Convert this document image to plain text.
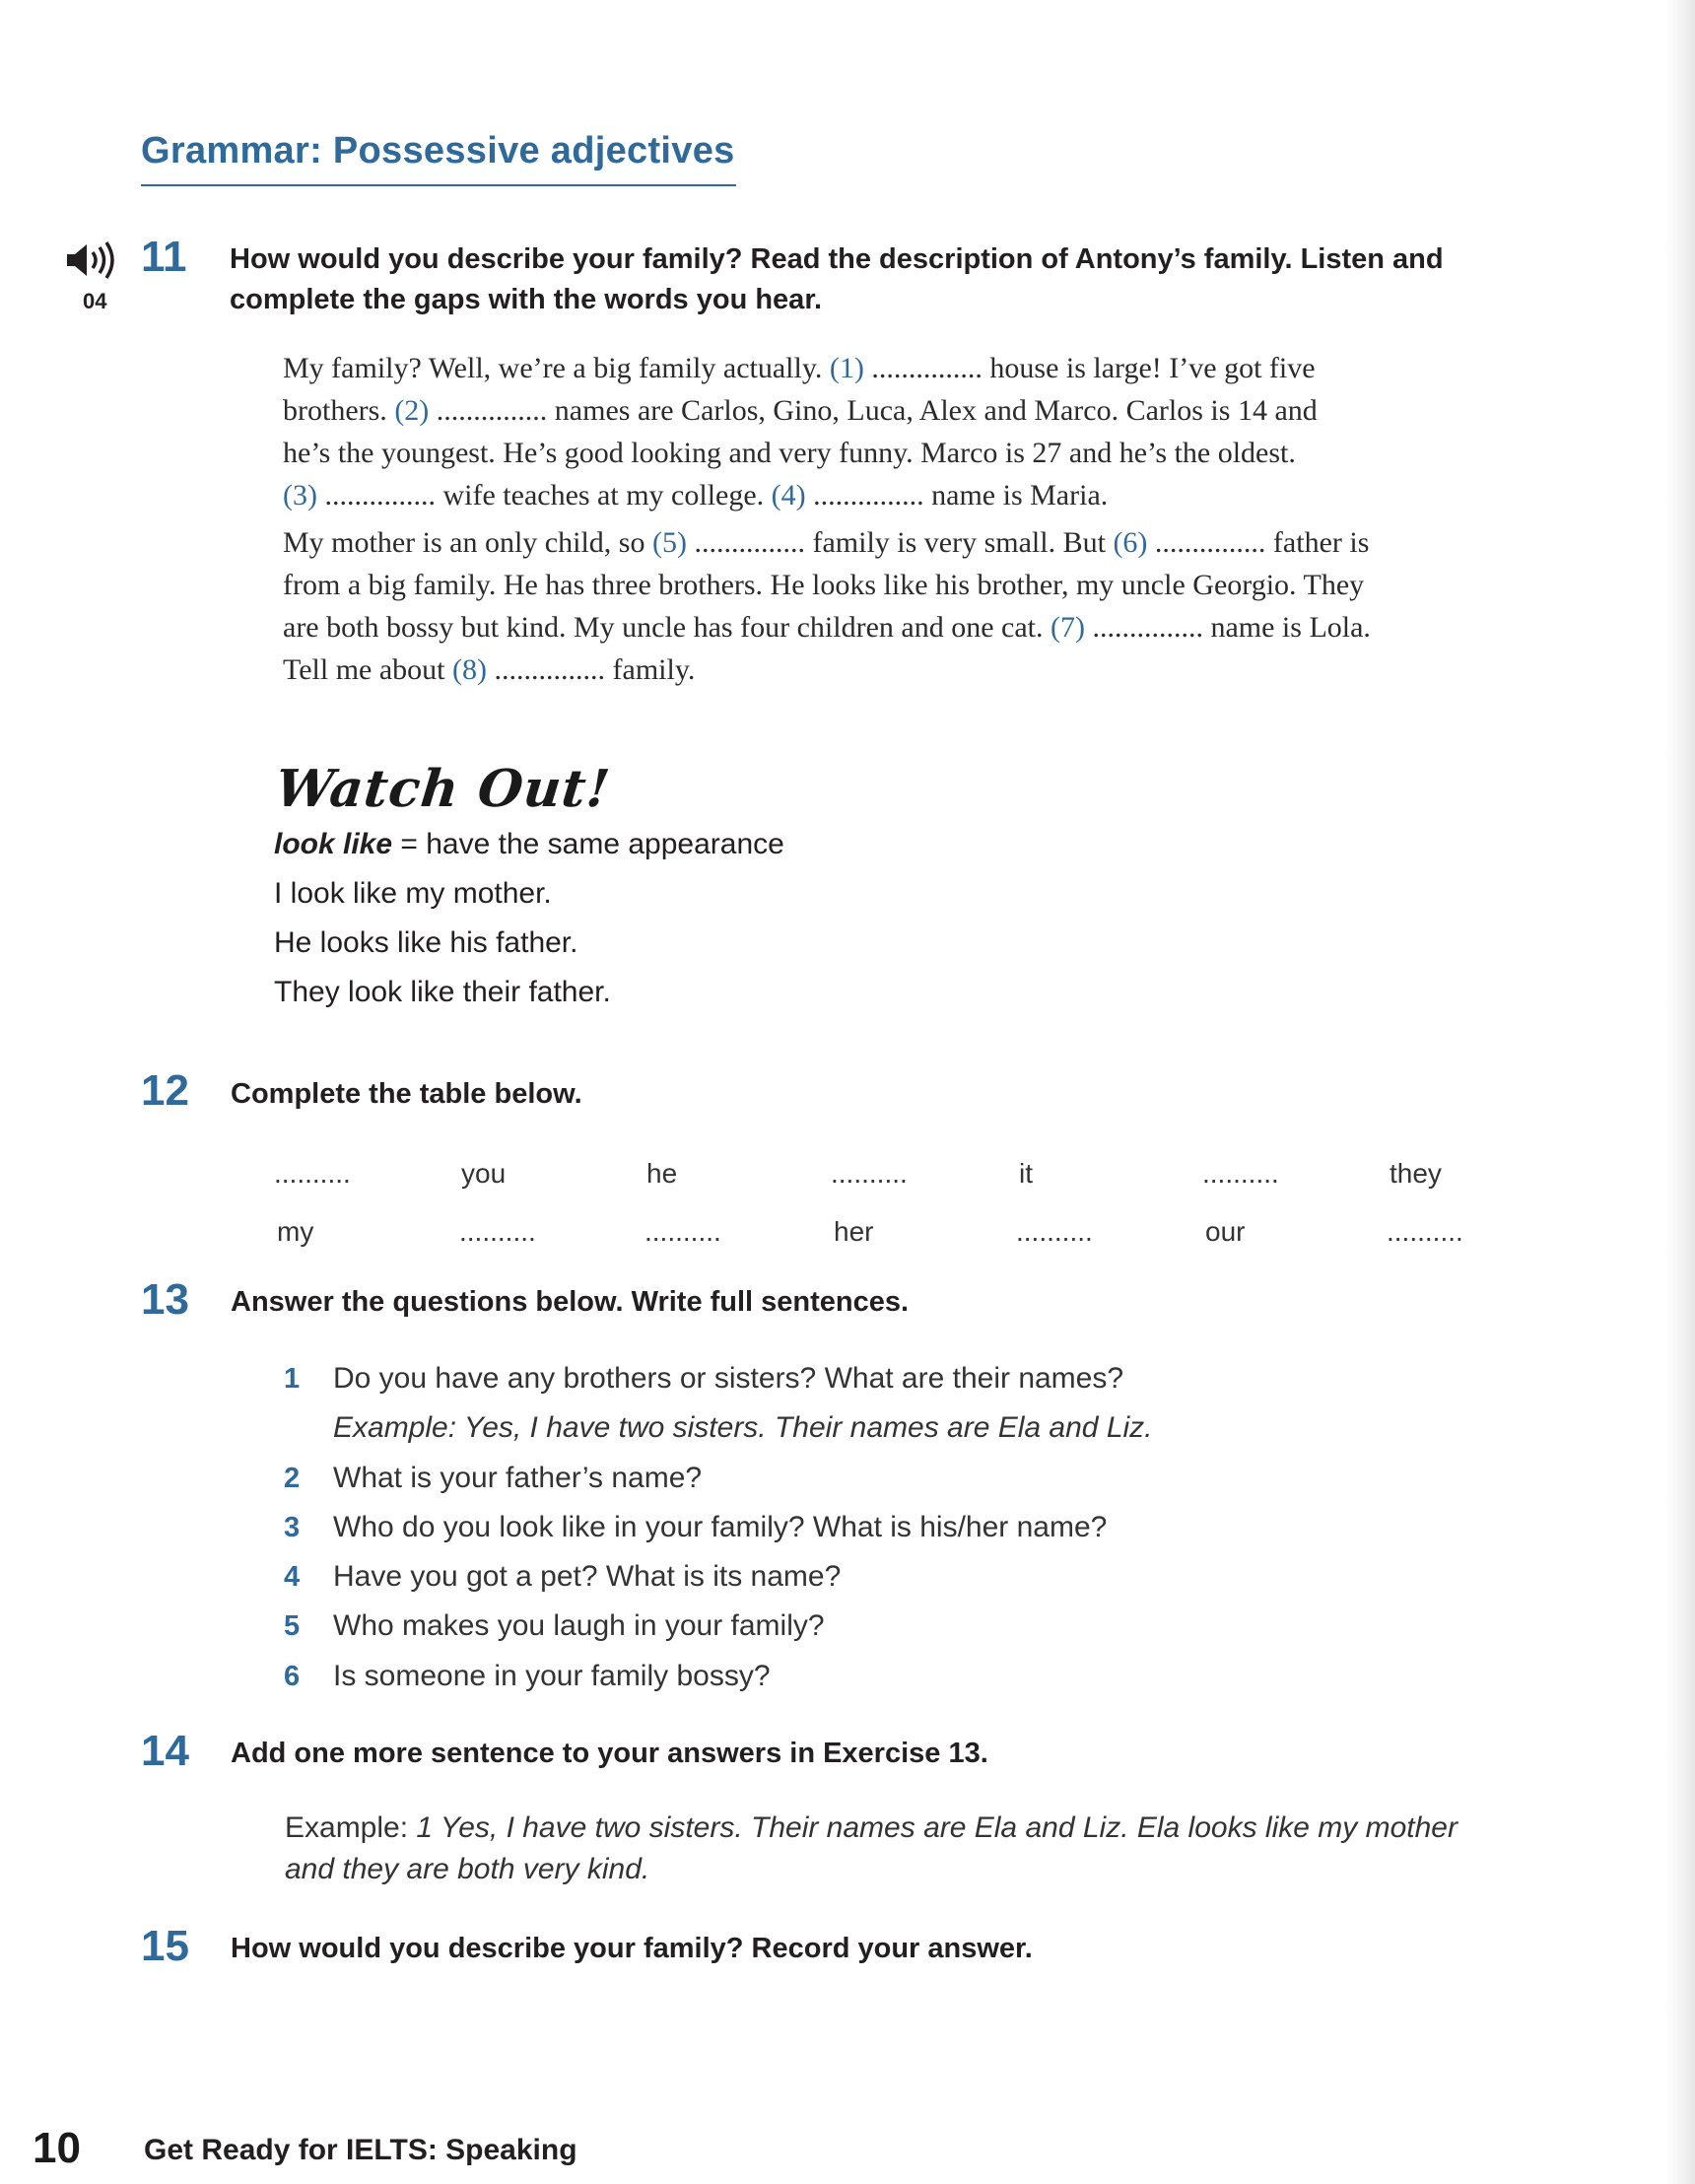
Grammar: Possessive adjectives
04
11 How would you describe your family? Read the description of Antony’s family. Listen and
complete the gaps with the words you hear.

My family? Well, we’re a big family actually. (1) ............... house is large! I’ve got five

brothers. (2) ............... names are Carlos, Gino, Luca, Alex and Marco. Carlos is 14 and

he’s the youngest. He’s good looking and very funny. Marco is 27 and he’s the oldest.

(3) ............... wife teaches at my college. (4) ............... name is Maria.

My mother is an only child, so (5) ............... family is very small. But (6) ............... father is

from a big family. He has three brothers. He looks like his brother, my uncle Georgio. They

are both bossy but kind. My uncle has four children and one cat. (7) ............... name is Lola.

Tell me about (8) ............... family.

Watch Out!
look like = have the same appearance
I look like my mother.
He looks like his father.
They look like their father.
12 Complete the table below.
..........	you	he	..........	it	..........	they
my	..........	..........	her	..........	our	..........
13 Answer the questions below. Write full sentences.
1 Do you have any brothers or sisters? What are their names?
Example: Yes, I have two sisters. Their names are Ela and Liz.
2 What is your father’s name?
3 Who do you look like in your family? What is his/her name?
4 Have you got a pet? What is its name?
5 Who makes you laugh in your family?
6 Is someone in your family bossy?
14 Add one more sentence to your answers in Exercise 13.
Example: 1 Yes, I have two sisters. Their names are Ela and Liz. Ela looks like my mother
and they are both very kind.
15 How would you describe your family? Record your answer.
10 Get Ready for IELTS: Speaking
